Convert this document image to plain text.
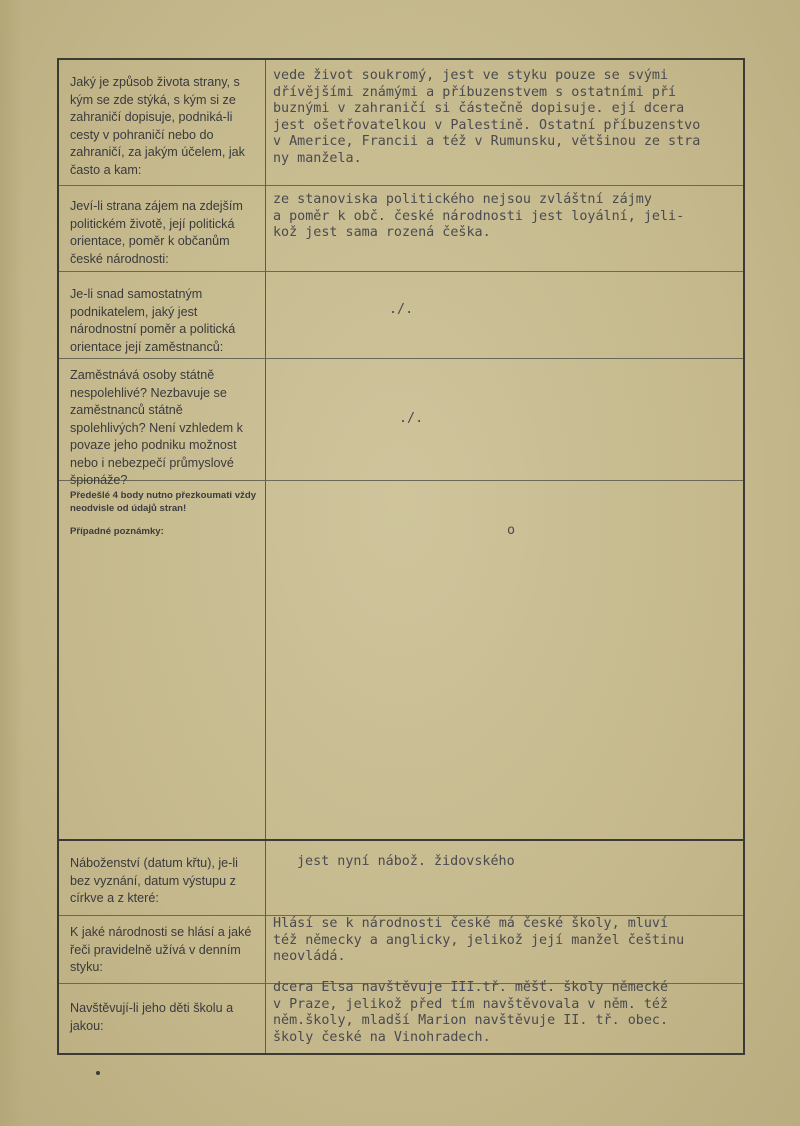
Jaký je způsob života strany, s kým se zde stýká, s kým si ze zahraničí dopisuje, podniká-li cesty v pohraničí nebo do zahraničí, za jakým účelem, jak často a kam:
vede život soukromý, jest ve styku pouze se svými
dřívějšími známými a příbuzenstvem s ostatními pří
buznými v zahraničí si částečně dopisuje. ejí dcera
jest ošetřovatelkou v Palestině. Ostatní příbuzenstvo
v Americe, Francii a též v Rumunsku, většinou ze stra
ny manžela.
Jeví-li strana zájem na zdejším politickém životě, její politická orientace, poměr k občanům české národnosti:
ze stanoviska politického nejsou zvláštní zájmy
a poměr k obč. české národnosti jest loyální, jeli-
kož jest sama rozená češka.
Je-li snad samostatným podnikatelem, jaký jest národnostní poměr a politická orientace její zaměstnanců:
./.
Zaměstnává osoby státně nespolehlivé? Nezbavuje se zaměstnanců státně spolehlivých? Není vzhledem k povaze jeho podniku možnost nebo i nebezpečí průmyslové špionáže?
./.
Předešlé 4 body nutno přezkoumati vždy neodvisle od údajů stran!
Případné poznámky:	o
Náboženství (datum křtu), je-li bez vyznání, datum výstupu z církve a z které:
jest nyní nábož. židovského
K jaké národnosti se hlásí a jaké řeči pravidelně užívá v denním styku:
Hlásí se k národnosti české má české školy, mluví
též německy a anglicky, jelikož její manžel češtinu
neovládá.
Navštěvují-li jeho děti školu a jakou:
dcera Elsa navštěvuje III.tř. měšť. školy německé
v Praze, jelikož před tím navštěvovala v něm. též
něm.školy, mladší Marion navštěvuje II. tř. obec.
školy české na Vinohradech.
